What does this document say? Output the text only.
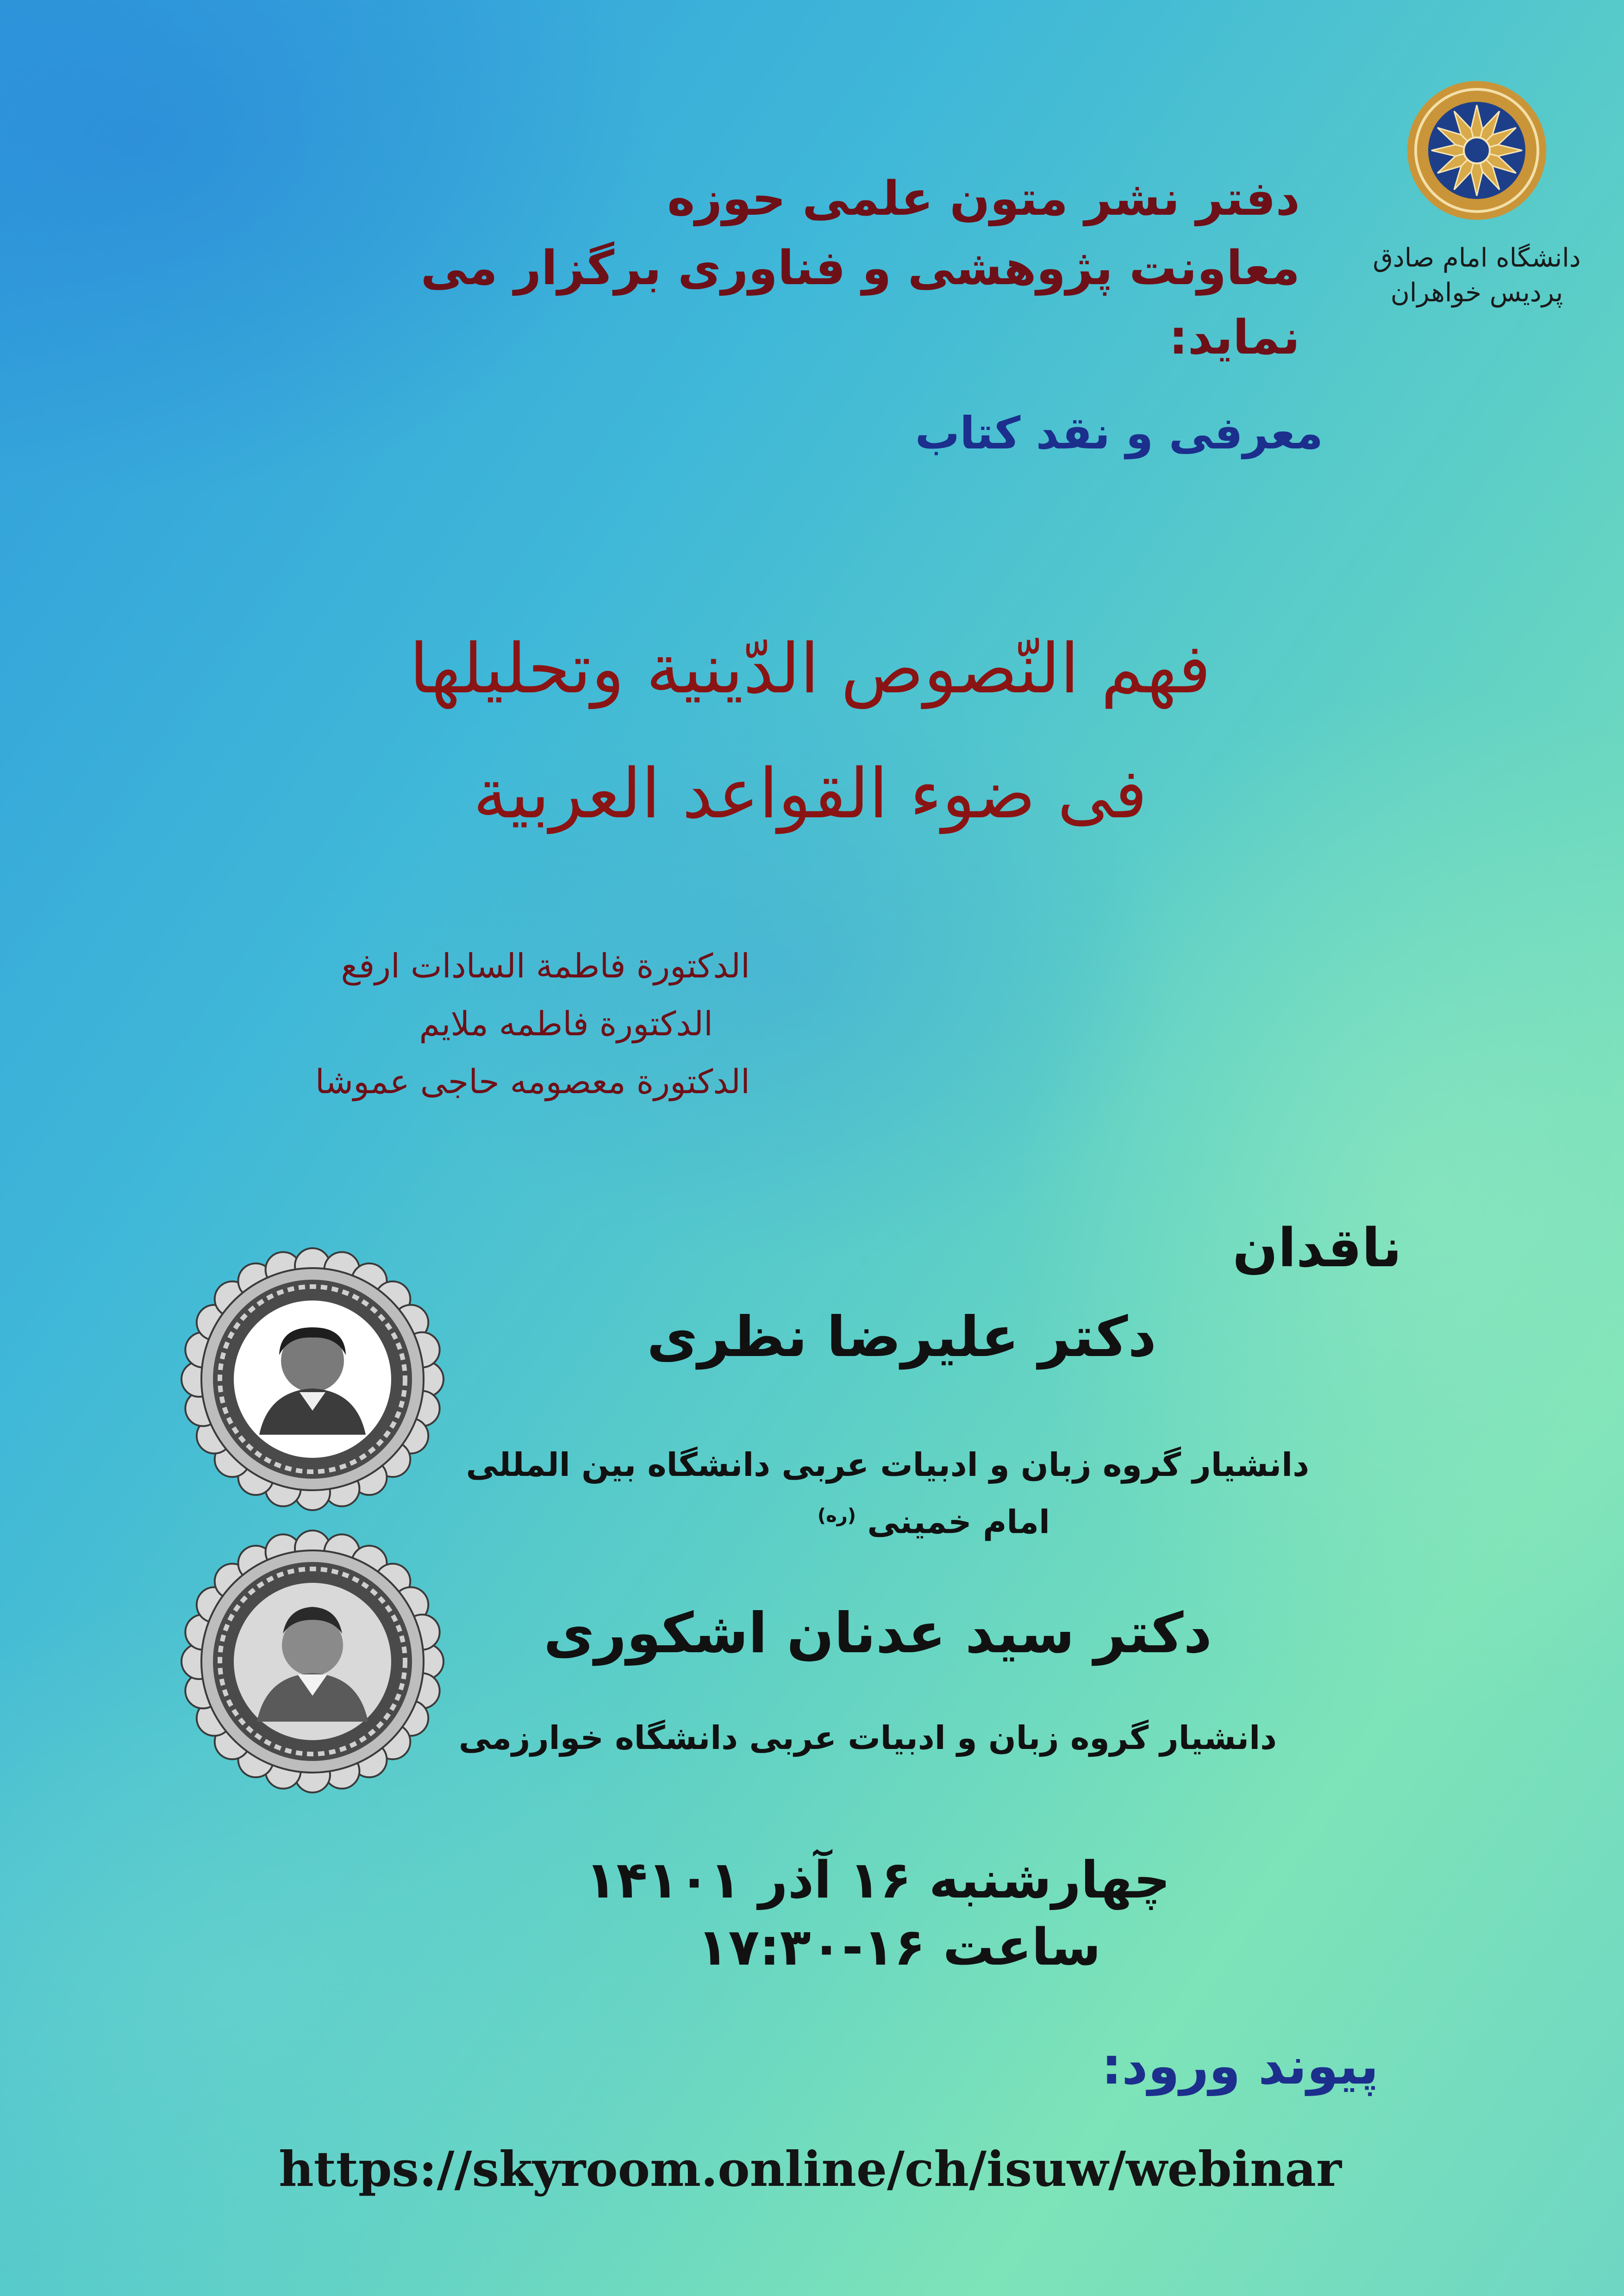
دانشگاه امام صادق
پردیس خواهران
دفتر نشر متون علمی حوزه
معاونت پژوهشی و فناوری برگزار می نماید:
معرفی و نقد کتاب
فهم النّصوص الدّینیة وتحلیلها
فی ضوء القواعد العربیة
الدکتورة فاطمة السادات ارفع
الدکتورة فاطمه ملایم
الدکتورة معصومه حاجی عموشا
ناقدان
دکتر علیرضا نظری
دانشیار گروه زبان و ادبیات عربی دانشگاه بین المللی
امام خمینی $^{(ره)}$
دکتر سید عدنان اشکوری
دانشیار گروه زبان و ادبیات عربی دانشگاه خوارزمی
چهارشنبه ۱۶ آذر ۱۴۱۰۱
ساعت ۱۶-۱۷:۳۰
پیوند ورود:
https://skyroom.online/ch/isuw/webinar
